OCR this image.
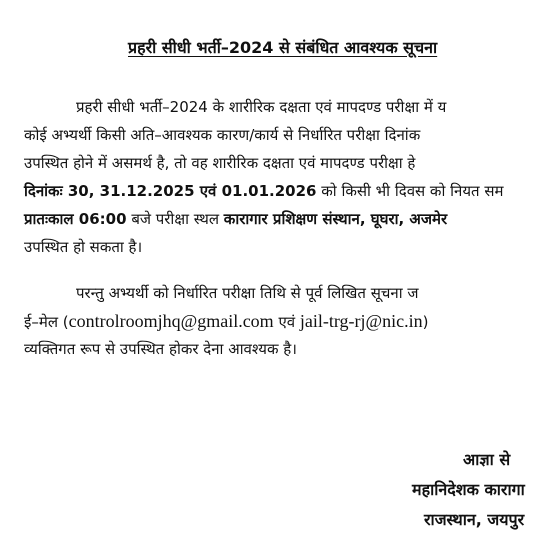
प्रहरी सीधी भर्ती–2024 से संबंधित आवश्यक सूचना
प्रहरी सीधी भर्ती–2024 के शारीरिक दक्षता एवं मापदण्ड परीक्षा में य
कोई अभ्यर्थी किसी अति–आवश्यक कारण/कार्य से निर्धारित परीक्षा दिनांक
उपस्थित होने में असमर्थ है, तो वह शारीरिक दक्षता एवं मापदण्ड परीक्षा हे
दिनांकः 30, 31.12.2025 एवं 01.01.2026 को किसी भी दिवस को नियत सम
प्रातःकाल 06:00 बजे परीक्षा स्थल कारागार प्रशिक्षण संस्थान, घूघरा, अजमेर
उपस्थित हो सकता है।
परन्तु अभ्यर्थी को निर्धारित परीक्षा तिथि से पूर्व लिखित सूचना ज
ई–मेल (controlroomjhq@gmail.com एवं jail-trg-rj@nic.in)
व्यक्तिगत रूप से उपस्थित होकर देना आवश्यक है।
आज्ञा से
महानिदेशक कारागा
राजस्थान, जयपुर
